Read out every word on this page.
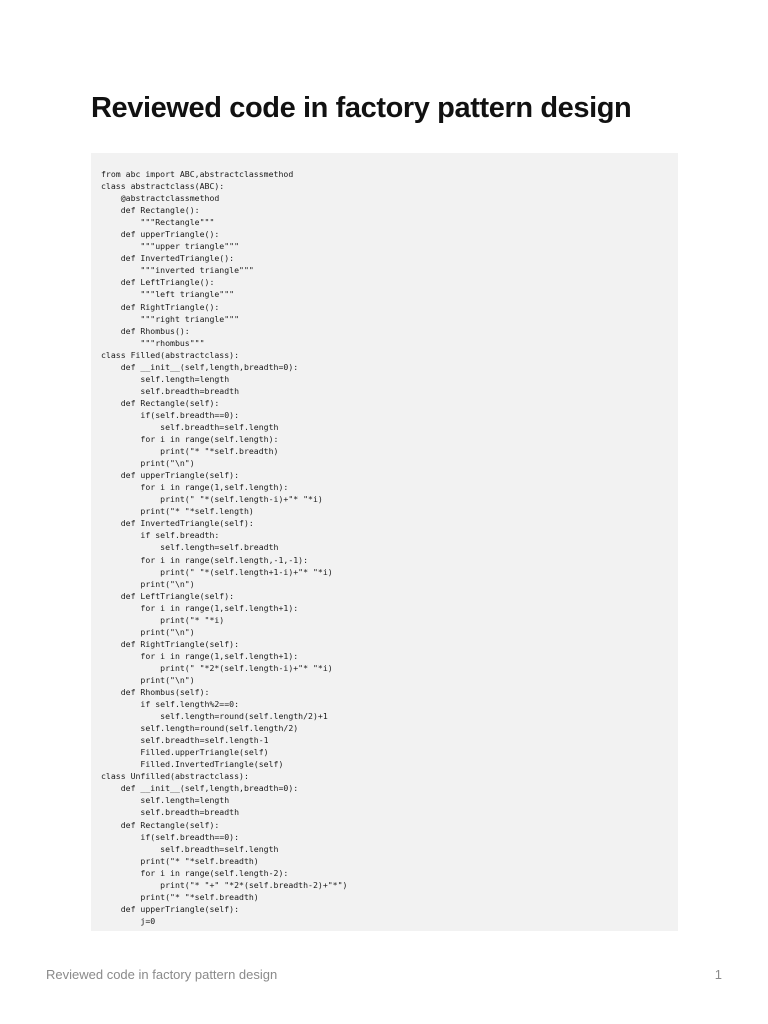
Reviewed code in factory pattern design
from abc import ABC,abstractclassmethod
class abstractclass(ABC):
@abstractclassmethod
def Rectangle():
"""Rectangle"""
def upperTriangle():
"""upper triangle"""
def InvertedTriangle():
"""inverted triangle"""
def LeftTriangle():
"""left triangle"""
def RightTriangle():
"""right triangle"""
def Rhombus():
"""rhombus"""
class Filled(abstractclass):
def __init__(self,length,breadth=0):
self.length=length
self.breadth=breadth
def Rectangle(self):
if(self.breadth==0):
self.breadth=self.length
for i in range(self.length):
print("* "*self.breadth)
print("\n")
def upperTriangle(self):
for i in range(1,self.length):
print(" "*(self.length-i)+"* "*i)
print("* "*self.length)
def InvertedTriangle(self):
if self.breadth:
self.length=self.breadth
for i in range(self.length,-1,-1):
print(" "*(self.length+1-i)+"* "*i)
print("\n")
def LeftTriangle(self):
for i in range(1,self.length+1):
print("* "*i)
print("\n")
def RightTriangle(self):
for i in range(1,self.length+1):
print(" "*2*(self.length-i)+"* "*i)
print("\n")
def Rhombus(self):
if self.length%2==0:
self.length=round(self.length/2)+1
self.length=round(self.length/2)
self.breadth=self.length-1
Filled.upperTriangle(self)
Filled.InvertedTriangle(self)
class Unfilled(abstractclass):
def __init__(self,length,breadth=0):
self.length=length
self.breadth=breadth
def Rectangle(self):
if(self.breadth==0):
self.breadth=self.length
print("* "*self.breadth)
for i in range(self.length-2):
print("* "+" "*2*(self.breadth-2)+"*")
print("* "*self.breadth)
def upperTriangle(self):
j=0
Reviewed code in factory pattern design	1
